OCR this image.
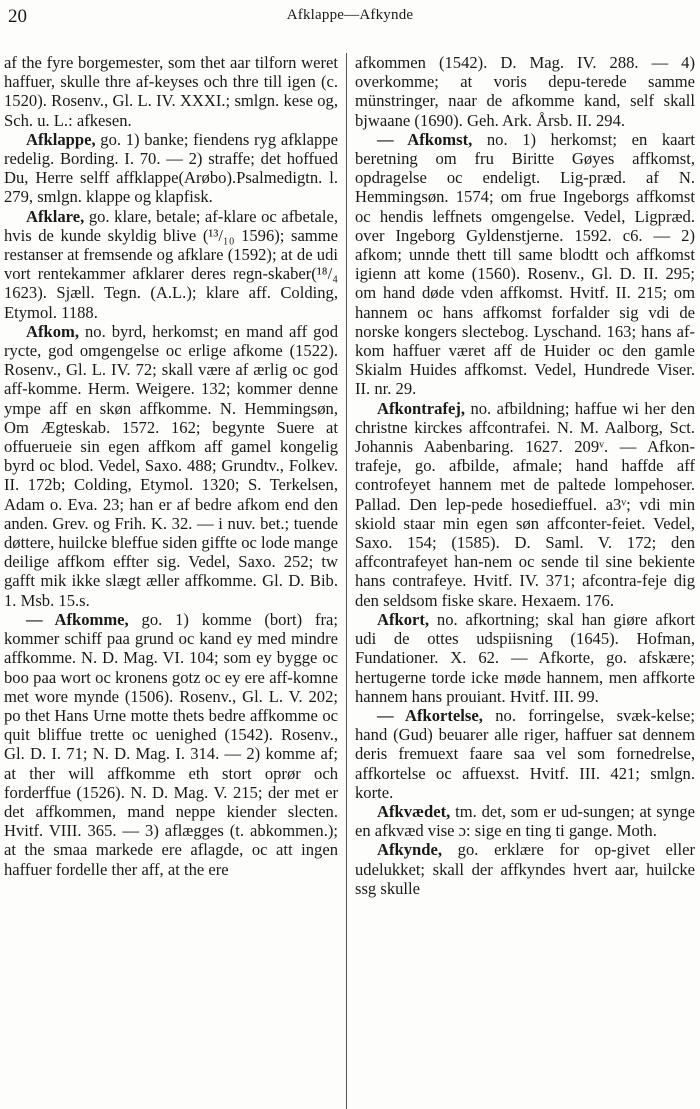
20	Afklappe—Afkynde

af the fyre borgemester, som thet aar tilforn weret haffuer, skulle thre af-keyses och thre till igen (c. 1520). Rosenv., Gl. L. IV. XXXI.; smlgn. kese og, Sch. u. L.: afkesen.

Afklappe, go. 1) banke; fiendens ryg afklappe redelig. Bording. I. 70. — 2) straffe; det hoffued Du, Herre selff affklappe(Arøbo).Psalmedigtn. l. 279, smlgn. klappe og klapfisk.

Afklare, go. klare, betale; af-klare oc afbetale, hvis de kunde skyldig blive (¹³/₁₀ 1596); samme restanser at fremsende og afklare (1592); at de udi vort rentekammer afklarer deres regn-skaber(¹⁸/₄ 1623). Sjæll. Tegn. (A.L.); klare aff. Colding, Etymol. 1188.

Afkom, no. byrd, herkomst; en mand aff god rycte, god omgengelse oc erlige afkome (1522). Rosenv., Gl. L. IV. 72; skall være af ærlig oc god aff-komme. Herm. Weigere. 132; kommer denne ympe aff en skøn affkomme. N. Hemmingsøn, Om Ægteskab. 1572. 162; begynte Suere at offuerueie sin egen affkom aff gamel kongelig byrd oc blod. Vedel, Saxo. 488; Grundtv., Folkev. II. 172b; Colding, Etymol. 1320; S. Terkelsen, Adam o. Eva. 23; han er af bedre afkom end den anden. Grev. og Frih. K. 32. — i nuv. bet.; tuende døttere, huilcke bleffue siden giffte oc lode mange deilige affkom effter sig. Vedel, Saxo. 252; tw gafft mik ikke slægt æller affkomme. Gl. D. Bib. 1. Msb. 15.s.

— Afkomme, go. 1) komme (bort) fra; kommer schiff paa grund oc kand ey med mindre affkomme. N. D. Mag. VI. 104; som ey bygge oc boo paa wort oc kronens gotz oc ey ere aff-komne met wore mynde (1506). Rosenv., Gl. L. V. 202; po thet Hans Urne motte thets bedre affkomme oc quit bliffue trette oc uenighed (1542). Rosenv., Gl. D. I. 71; N. D. Mag. I. 314. — 2) komme af; at ther will affkomme eth stort oprør och forderffue (1526). N. D. Mag. V. 215; der met er det affkommen, mand neppe kiender slecten. Hvitf. VIII. 365. — 3) aflægges (t. abkommen.); at the smaa markede ere aflagde, oc att ingen haffuer fordelle ther aff, at the ere

afkommen (1542). D. Mag. IV. 288. — 4) overkomme; at voris depu-terede samme münstringer, naar de afkomme kand, self skall bjwaane (1690). Geh. Ark. Årsb. II. 294.

— Afkomst, no. 1) herkomst; en kaart beretning om fru Biritte Gøyes affkomst, opdragelse oc endeligt. Lig-præd. af N. Hemmingsøn. 1574; om frue Ingeborgs affkomst oc hendis leffnets omgengelse. Vedel, Ligpræd. over Ingeborg Gyldenstjerne. 1592. c6. — 2) afkom; unnde thett till same blodtt och affkomst igienn att kome (1560). Rosenv., Gl. D. II. 295; om hand døde vden affkomst. Hvitf. II. 215; om hannem oc hans affkomst forfalder sig vdi de norske kongers slectebog. Lyschand. 163; hans af-kom haffuer været aff de Huider oc den gamle Skialm Huides affkomst. Vedel, Hundrede Viser. II. nr. 29.

Afkontrafej, no. afbildning; haffue wi her den christne kirckes affcontrafei. N. M. Aalborg, Sct. Johannis Aabenbaring. 1627. 209ᵛ. — Afkon-trafeje, go. afbilde, afmale; hand haffde aff controfeyet hannem met de paltede lompehoser. Pallad. Den lep-pede hosedieffuel. a3ᵛ; vdi min skiold staar min egen søn affconter-feiet. Vedel, Saxo. 154; (1585). D. Saml. V. 172; den affcontrafeyet han-nem oc sende til sine bekiente hans contrafeye. Hvitf. IV. 371; afcontra-feje dig den seldsom fiske skare. Hexaem. 176.

Afkort, no. afkortning; skal han giøre afkort udi de ottes udspiisning (1645). Hofman, Fundationer. X. 62. — Afkorte, go. afskære; hertugerne torde icke møde hannem, men affkorte hannem hans prouiant. Hvitf. III. 99.

— Afkortelse, no. forringelse, svæk-kelse; hand (Gud) beuarer alle riger, haffuer sat dennem deris fremuext faare saa vel som fornedrelse, affkortelse oc affuexst. Hvitf. III. 421; smlgn. korte.

Afkvædet, tm. det, som er ud-sungen; at synge en afkvæd vise ɔ: sige en ting ti gange. Moth.

Afkynde, go. erklære for op-givet eller udelukket; skall der affkyndes hvert aar, huilcke ssg skulle
